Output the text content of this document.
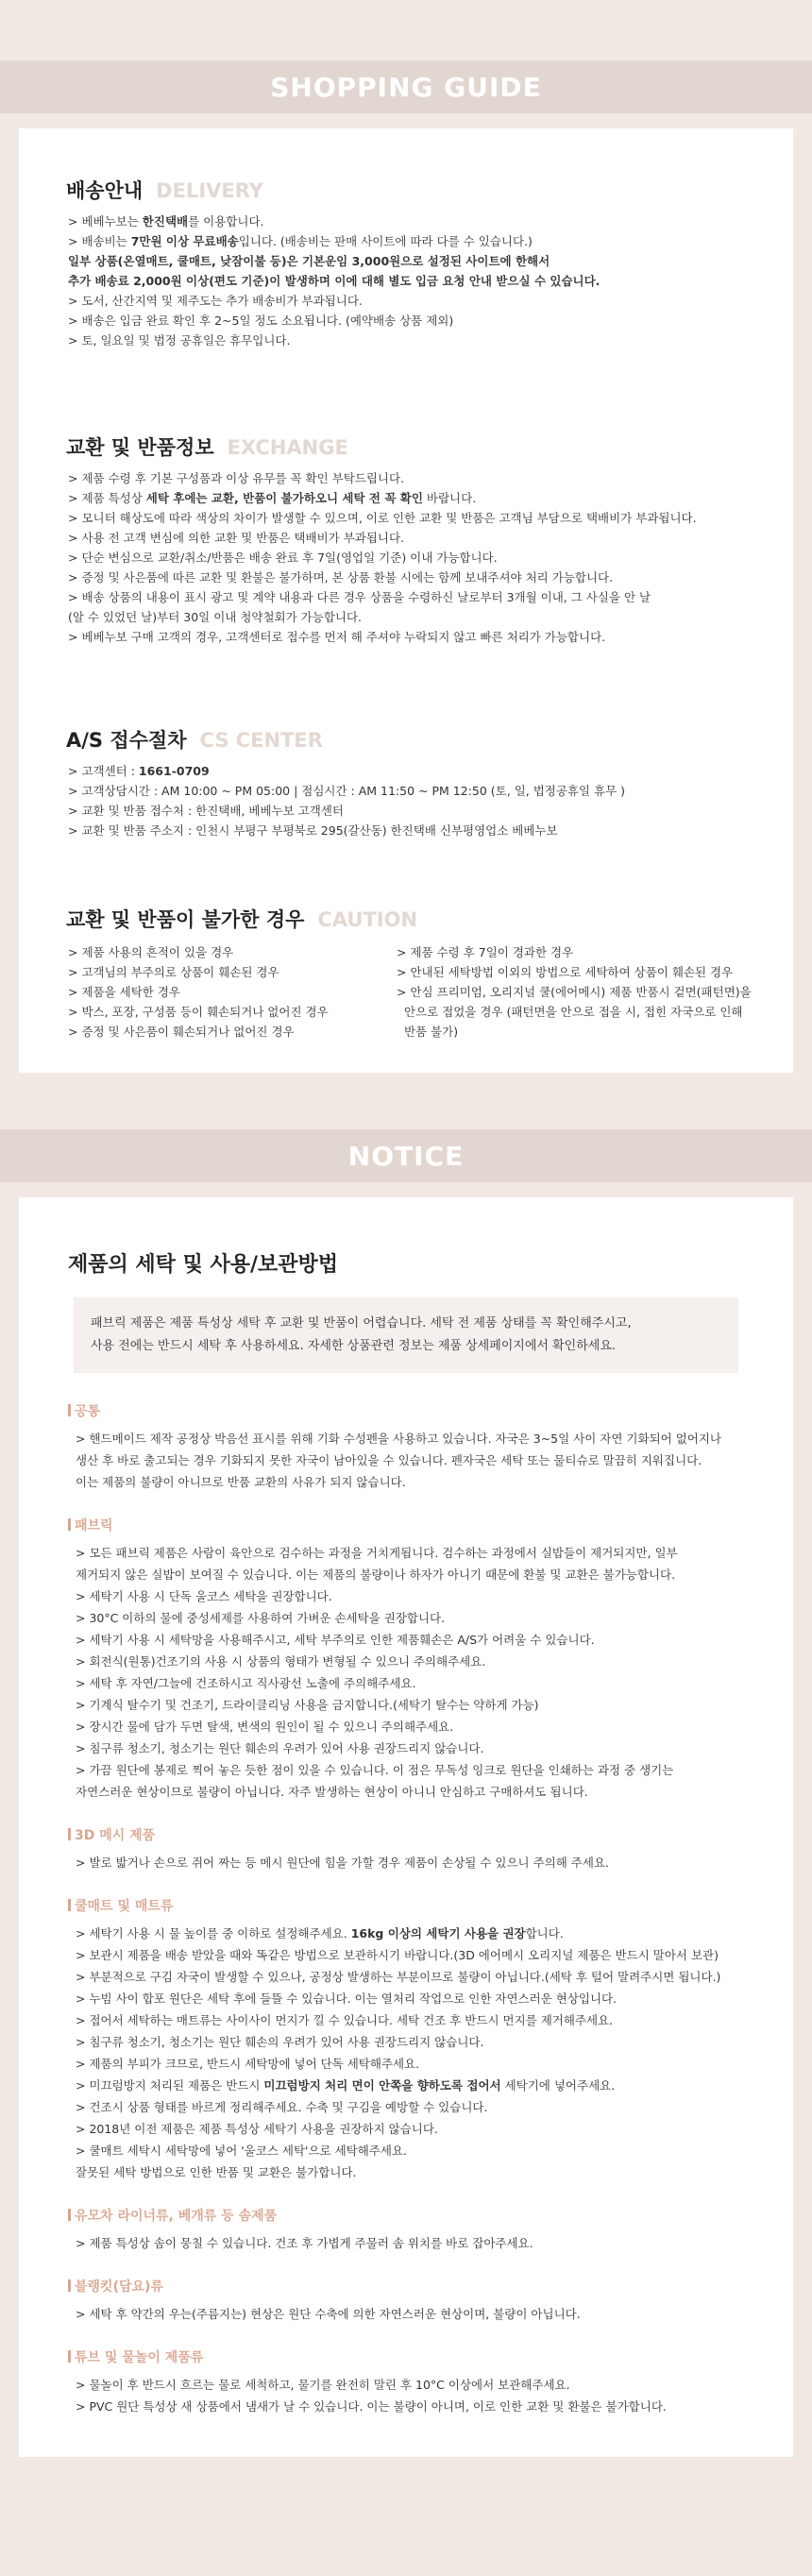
SHOPPING GUIDE
배송안내 DELIVERY
> 베베누보는 한진택배를 이용합니다.
> 배송비는 7만원 이상 무료배송입니다. (배송비는 판매 사이트에 따라 다를 수 있습니다.)
일부 상품(온열매트, 쿨매트, 낮잠이불 등)은 기본운임 3,000원으로 설정된 사이트에 한해서
추가 배송료 2,000원 이상(편도 기준)이 발생하며 이에 대해 별도 입금 요청 안내 받으실 수 있습니다.
> 도서, 산간지역 및 제주도는 추가 배송비가 부과됩니다.
> 배송은 입금 완료 확인 후 2~5일 정도 소요됩니다. (예약배송 상품 제외)
> 토, 일요일 및 법정 공휴일은 휴무입니다.
교환 및 반품정보 EXCHANGE
> 제품 수령 후 기본 구성품과 이상 유무를 꼭 확인 부탁드립니다.
> 제품 특성상 세탁 후에는 교환, 반품이 불가하오니 세탁 전 꼭 확인 바랍니다.
> 모니터 해상도에 따라 색상의 차이가 발생할 수 있으며, 이로 인한 교환 및 반품은 고객님 부담으로 택배비가 부과됩니다.
> 사용 전 고객 변심에 의한 교환 및 반품은 택배비가 부과됩니다.
> 단순 변심으로 교환/취소/반품은 배송 완료 후 7일(영업일 기준) 이내 가능합니다.
> 증정 및 사은품에 따른 교환 및 환불은 불가하며, 본 상품 환불 시에는 함께 보내주셔야 처리 가능합니다.
> 배송 상품의 내용이 표시 광고 및 계약 내용과 다른 경우 상품을 수령하신 날로부터 3개월 이내, 그 사실을 안 날
(알 수 있었던 날)부터 30일 이내 청약철회가 가능합니다.
> 베베누보 구매 고객의 경우, 고객센터로 접수를 먼저 해 주셔야 누락되지 않고 빠른 처리가 가능합니다.
A/S 접수절차 CS CENTER
> 고객센터 : 1661-0709
> 고객상담시간 : AM 10:00 ~ PM 05:00 | 점심시간 : AM 11:50 ~ PM 12:50 (토, 일, 법정공휴일 휴무 )
> 교환 및 반품 접수처 : 한진택배, 베베누보 고객센터
> 교환 및 반품 주소지 : 인천시 부평구 부평북로 295(갈산동) 한진택배 신부평영업소 베베누보
교환 및 반품이 불가한 경우 CAUTION
> 제품 사용의 흔적이 있을 경우
> 고객님의 부주의로 상품이 훼손된 경우
> 제품을 세탁한 경우
> 박스, 포장, 구성품 등이 훼손되거나 없어진 경우
> 증정 및 사은품이 훼손되거나 없어진 경우
> 제품 수령 후 7일이 경과한 경우
> 안내된 세탁방법 이외의 방법으로 세탁하여 상품이 훼손된 경우
> 안심 프리미엄, 오리지널 쿨(에어메시) 제품 반품시 겉면(패턴면)을
안으로 접었을 경우 (패턴면을 안으로 접을 시, 접힌 자국으로 인해
반품 불가)
NOTICE
제품의 세탁 및 사용/보관방법
패브릭 제품은 제품 특성상 세탁 후 교환 및 반품이 어렵습니다. 세탁 전 제품 상태를 꼭 확인해주시고,
사용 전에는 반드시 세탁 후 사용하세요. 자세한 상품관련 정보는 제품 상세페이지에서 확인하세요.
공통
> 핸드메이드 제작 공정상 박음선 표시를 위해 기화 수성펜을 사용하고 있습니다. 자국은 3~5일 사이 자연 기화되어 없어지나
생산 후 바로 출고되는 경우 기화되지 못한 자국이 남아있을 수 있습니다. 펜자국은 세탁 또는 물티슈로 말끔히 지워집니다.
이는 제품의 불량이 아니므로 반품 교환의 사유가 되지 않습니다.
패브릭
> 모든 패브릭 제품은 사람이 육안으로 검수하는 과정을 거치게됩니다. 검수하는 과정에서 실밥들이 제거되지만, 일부
제거되지 않은 실밥이 보여질 수 있습니다. 이는 제품의 불량이나 하자가 아니기 때문에 환불 및 교환은 불가능합니다.
> 세탁기 사용 시 단독 울코스 세탁을 권장합니다.
> 30°C 이하의 물에 중성세제를 사용하여 가벼운 손세탁을 권장합니다.
> 세탁기 사용 시 세탁망을 사용해주시고, 세탁 부주의로 인한 제품훼손은 A/S가 어려울 수 있습니다.
> 회전식(원통)건조기의 사용 시 상품의 형태가 변형될 수 있으니 주의해주세요.
> 세탁 후 자연/그늘에 건조하시고 직사광선 노출에 주의해주세요.
> 기계식 탈수기 및 건조기, 드라이클리닝 사용을 금지합니다.(세탁기 탈수는 약하게 가능)
> 장시간 물에 담가 두면 탈색, 변색의 원인이 될 수 있으니 주의해주세요.
> 침구류 청소기, 청소기는 원단 훼손의 우려가 있어 사용 권장드리지 않습니다.
> 가끔 원단에 봉제로 찍어 놓은 듯한 점이 있을 수 있습니다. 이 점은 무독성 잉크로 원단을 인쇄하는 과정 중 생기는
자연스러운 현상이므로 불량이 아닙니다. 자주 발생하는 현상이 아니니 안심하고 구매하셔도 됩니다.
3D 메시 제품
> 발로 밟거나 손으로 쥐어 짜는 등 메시 원단에 힘을 가할 경우 제품이 손상될 수 있으니 주의해 주세요.
쿨매트 및 매트류
> 세탁기 사용 시 물 높이를 중 이하로 설정해주세요. 16kg 이상의 세탁기 사용을 권장합니다.
> 보관시 제품을 배송 받았을 때와 똑같은 방법으로 보관하시기 바랍니다.(3D 에어메시 오리지널 제품은 반드시 말아서 보관)
> 부분적으로 구김 자국이 발생할 수 있으나, 공정상 발생하는 부분이므로 불량이 아닙니다.(세탁 후 털어 말려주시면 됩니다.)
> 누빔 사이 합포 원단은 세탁 후에 들뜰 수 있습니다. 이는 열처리 작업으로 인한 자연스러운 현상입니다.
> 접어서 세탁하는 매트류는 사이사이 먼지가 낄 수 있습니다. 세탁 건조 후 반드시 먼지를 제거해주세요.
> 침구류 청소기, 청소기는 원단 훼손의 우려가 있어 사용 권장드리지 않습니다.
> 제품의 부피가 크므로, 반드시 세탁망에 넣어 단독 세탁해주세요.
> 미끄럼방지 처리된 제품은 반드시 미끄럼방지 처리 면이 안쪽을 향하도록 접어서 세탁기에 넣어주세요.
> 건조시 상품 형태를 바르게 정리해주세요. 수축 및 구김을 예방할 수 있습니다.
> 2018년 이전 제품은 제품 특성상 세탁기 사용을 권장하지 않습니다.
> 쿨매트 세탁시 세탁망에 넣어 '울코스 세탁'으로 세탁해주세요.
잘못된 세탁 방법으로 인한 반품 및 교환은 불가합니다.
유모차 라이너류, 베개류 등 솜제품
> 제품 특성상 솜이 뭉칠 수 있습니다. 건조 후 가볍게 주물러 솜 위치를 바로 잡아주세요.
블랭킷(담요)류
> 세탁 후 약간의 우는(주름지는) 현상은 원단 수축에 의한 자연스러운 현상이며, 불량이 아닙니다.
튜브 및 물놀이 제품류
> 물놀이 후 반드시 흐르는 물로 세척하고, 물기를 완전히 말린 후 10°C 이상에서 보관해주세요.
> PVC 원단 특성상 새 상품에서 냄새가 날 수 있습니다. 이는 불량이 아니며, 이로 인한 교환 및 환불은 불가합니다.
